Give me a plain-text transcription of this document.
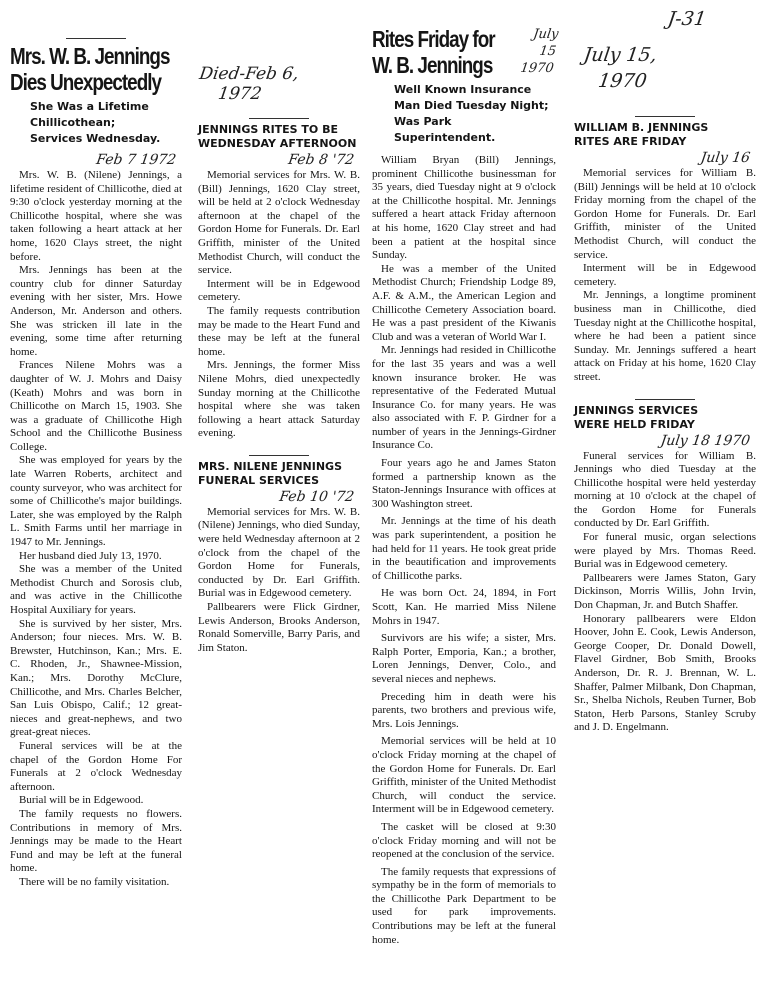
Mrs. W. B. Jennings
Dies Unexpectedly
She Was a Lifetime
Chillicothean;
Services Wednesday.
Feb 7 1972

Mrs. W. B. (Nilene) Jennings, a lifetime resident of Chillicothe, died at 9:30 o'clock yesterday morning at the Chillicothe hospital, where she was taken following a heart attack at her home, 1620 Clays street, the night before.

Mrs. Jennings has been at the country club for dinner Saturday evening with her sister, Mrs. Howe Anderson, Mr. Anderson and others. She was stricken ill late in the evening, some time after returning home.

Frances Nilene Mohrs was a daughter of W. J. Mohrs and Daisy (Keath) Mohrs and was born in Chillicothe on March 15, 1903. She was a graduate of Chillicothe High School and the Chillicothe Business College.

She was employed for years by the late Warren Roberts, architect and county surveyor, who was architect for some of Chillicothe's major buildings. Later, she was employed by the Ralph L. Smith Farms until her marriage in 1947 to Mr. Jennings.

Her husband died July 13, 1970.

She was a member of the United Methodist Church and Sorosis club, and was active in the Chillicothe Hospital Auxiliary for years.

She is survived by her sister, Mrs. Anderson; four nieces. Mrs. W. B. Brewster, Hutchinson, Kan.; Mrs. E. C. Rhoden, Jr., Shawnee-Mission, Kan.; Mrs. Dorothy McClure, Chillicothe, and Mrs. Charles Belcher, San Luis Obispo, Calif.; 12 great-nieces and great-nephews, and two great-great nieces.

Funeral services will be at the chapel of the Gordon Home For Funerals at 2 o'clock Wednesday afternoon.

Burial will be in Edgewood.

The family requests no flowers. Contributions in memory of Mrs. Jennings may be made to the Heart Fund and may be left at the funeral home.

There will be no family visitation.

Died-Feb 6,
1972
JENNINGS RITES TO BE
WEDNESDAY AFTERNOON
Feb 8 '72

Memorial services for Mrs. W. B. (Bill) Jennings, 1620 Clay street, will be held at 2 o'clock Wednesday afternoon at the chapel of the Gordon Home for Funerals. Dr. Earl Griffith, minister of the United Methodist Church, will conduct the service.

Interment will be in Edgewood cemetery.

The family requests contribution may be made to the Heart Fund and these may be left at the funeral home.

Mrs. Jennings, the former Miss Nilene Mohrs, died unexpectedly Sunday morning at the Chillicothe hospital where she was taken following a heart attack Saturday evening.

MRS. NILENE JENNINGS
FUNERAL SERVICES
Feb 10 '72

Memorial services for Mrs. W. B. (Nilene) Jennings, who died Sunday, were held Wednesday afternoon at 2 o'clock from the chapel of the Gordon Home for Funerals, conducted by Dr. Earl Griffith. Burial was in Edgewood cemetery.

Pallbearers were Flick Girdner, Lewis Anderson, Brooks Anderson, Ronald Somerville, Barry Paris, and Jim Staton.

Rites Friday for
W. B. Jennings
July
15
1970
Well Known Insurance
Man Died Tuesday Night;
Was Park Superintendent.

William Bryan (Bill) Jennings, prominent Chillicothe businessman for 35 years, died Tuesday night at 9 o'clock at the Chillicothe hospital. Mr. Jennings suffered a heart attack Friday afternoon at his home, 1620 Clay street and had been a patient at the hospital since Sunday.

He was a member of the United Methodist Church; Friendship Lodge 89, A.F. & A.M., the American Legion and Chillicothe Cemetery Association board. He was a past president of the Kiwanis Club and was a veteran of World War I.

Mr. Jennings had resided in Chillicothe for the last 35 years and was a well known insurance broker. He was representative of the Federated Mutual Insurance Co. for many years. He was also associated with F. P. Girdner for a number of years in the Jennings-Girdner Insurance Co.

Four years ago he and James Staton formed a partnership known as the Staton-Jennings Insurance with offices at 300 Washington street.

Mr. Jennings at the time of his death was park superintendent, a position he had held for 11 years. He took great pride in the beautification and improvements of Chillicothe parks.

He was born Oct. 24, 1894, in Fort Scott, Kan. He married Miss Nilene Mohrs in 1947.

Survivors are his wife; a sister, Mrs. Ralph Porter, Emporia, Kan.; a brother, Loren Jennings, Denver, Colo., and several nieces and nephews.

Preceding him in death were his parents, two brothers and previous wife, Mrs. Lois Jennings.

Memorial services will be held at 10 o'clock Friday morning at the chapel of the Gordon Home for Funerals. Dr. Earl Griffith, minister of the United Methodist Church, will conduct the service. Interment will be in Edgewood cemetery.

The casket will be closed at 9:30 o'clock Friday morning and will not be reopened at the conclusion of the service.

The family requests that expressions of sympathy be in the form of memorials to the Chillicothe Park Department to be used for park improvements. Contributions may be left at the funeral home.

J-31
July 15,
1970
WILLIAM B. JENNINGS
RITES ARE FRIDAY
July 16

Memorial services for William B. (Bill) Jennings will be held at 10 o'clock Friday morning from the chapel of the Gordon Home for Funerals. Dr. Earl Griffith, minister of the United Methodist Church, will conduct the service.

Interment will be in Edgewood cemetery.

Mr. Jennings, a longtime prominent business man in Chillicothe, died Tuesday night at the Chillicothe hospital, where he had been a patient since Sunday. Mr. Jennings suffered a heart attack on Friday at his home, 1620 Clay street.

JENNINGS SERVICES
WERE HELD FRIDAY
July 18 1970

Funeral services for William B. Jennings who died Tuesday at the Chillicothe hospital were held yesterday morning at 10 o'clock at the chapel of the Gordon Home for Funerals conducted by Dr. Earl Griffith.

For funeral music, organ selections were played by Mrs. Thomas Reed. Burial was in Edgewood cemetery.

Pallbearers were James Staton, Gary Dickinson, Morris Willis, John Irvin, Don Chapman, Jr. and Butch Shaffer.

Honorary pallbearers were Eldon Hoover, John E. Cook, Lewis Anderson, George Cooper, Dr. Donald Dowell, Flavel Girdner, Bob Smith, Brooks Anderson, Dr. R. J. Brennan, W. L. Shaffer, Palmer Milbank, Don Chapman, Sr., Shelba Nichols, Reuben Turner, Bob Staton, Herb Parsons, Stanley Scruby and J. D. Engelmann.
